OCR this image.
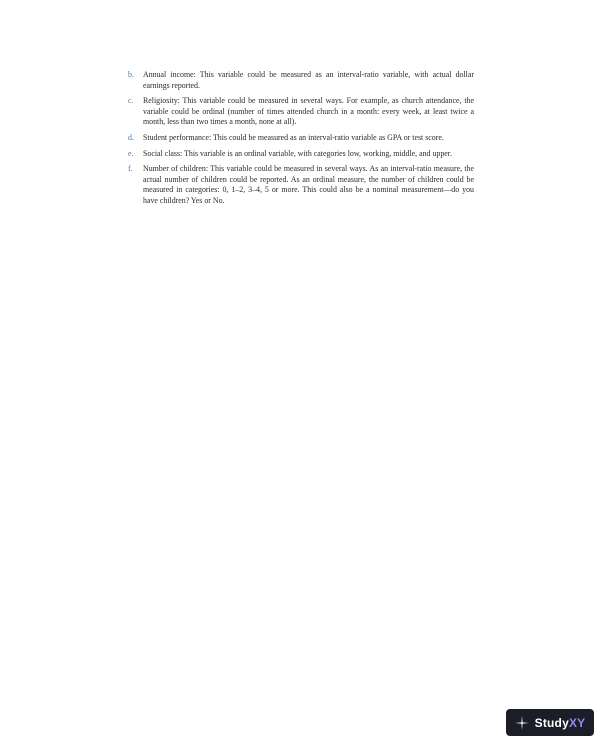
b.	Annual income: This variable could be measured as an interval-ratio variable, with actual dollar earnings reported.
c.	Religiosity: This variable could be measured in several ways. For example, as church attendance, the variable could be ordinal (number of times attended church in a month: every week, at least twice a month, less than two times a month, none at all).
d.	Student performance: This could be measured as an interval-ratio variable as GPA or test score.
e.	Social class: This variable is an ordinal variable, with categories low, working, middle, and upper.
f.	Number of children: This variable could be measured in several ways. As an interval-ratio measure, the actual number of children could be reported. As an ordinal measure, the number of children could be measured in categories: 0, 1–2, 3–4, 5 or more. This could also be a nominal measurement—do you have children? Yes or No.
StudyXY
